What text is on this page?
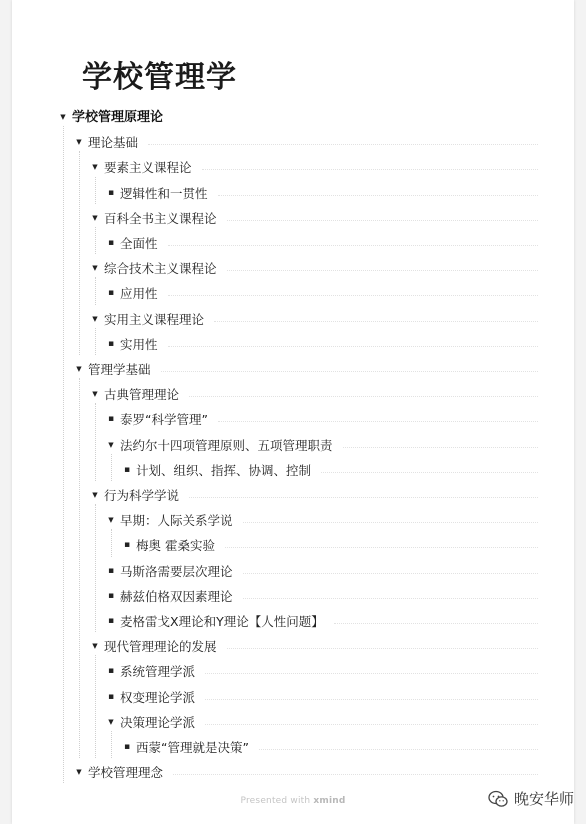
学校管理学
▼ 学校管理原理论
▼ 理论基础
▼ 要素主义课程论
▪ 逻辑性和一贯性
▼ 百科全书主义课程论
▪ 全面性
▼ 综合技术主义课程论
▪ 应用性
▼ 实用主义课程理论
▪ 实用性
▼ 管理学基础
▼ 古典管理理论
▪ 泰罗“科学管理”
▼ 法约尔十四项管理原则、五项管理职责
▪ 计划、组织、指挥、协调、控制
▼ 行为科学学说
▼ 早期：人际关系学说
▪ 梅奥 霍桑实验
▪ 马斯洛需要层次理论
▪ 赫兹伯格双因素理论
▪ 麦格雷戈X理论和Y理论【人性问题】
▼ 现代管理理论的发展
▪ 系统管理学派
▪ 权变理论学派
▼ 决策理论学派
▪ 西蒙“管理就是决策”
▼ 学校管理理念
Presented with xmind	晚安华师
